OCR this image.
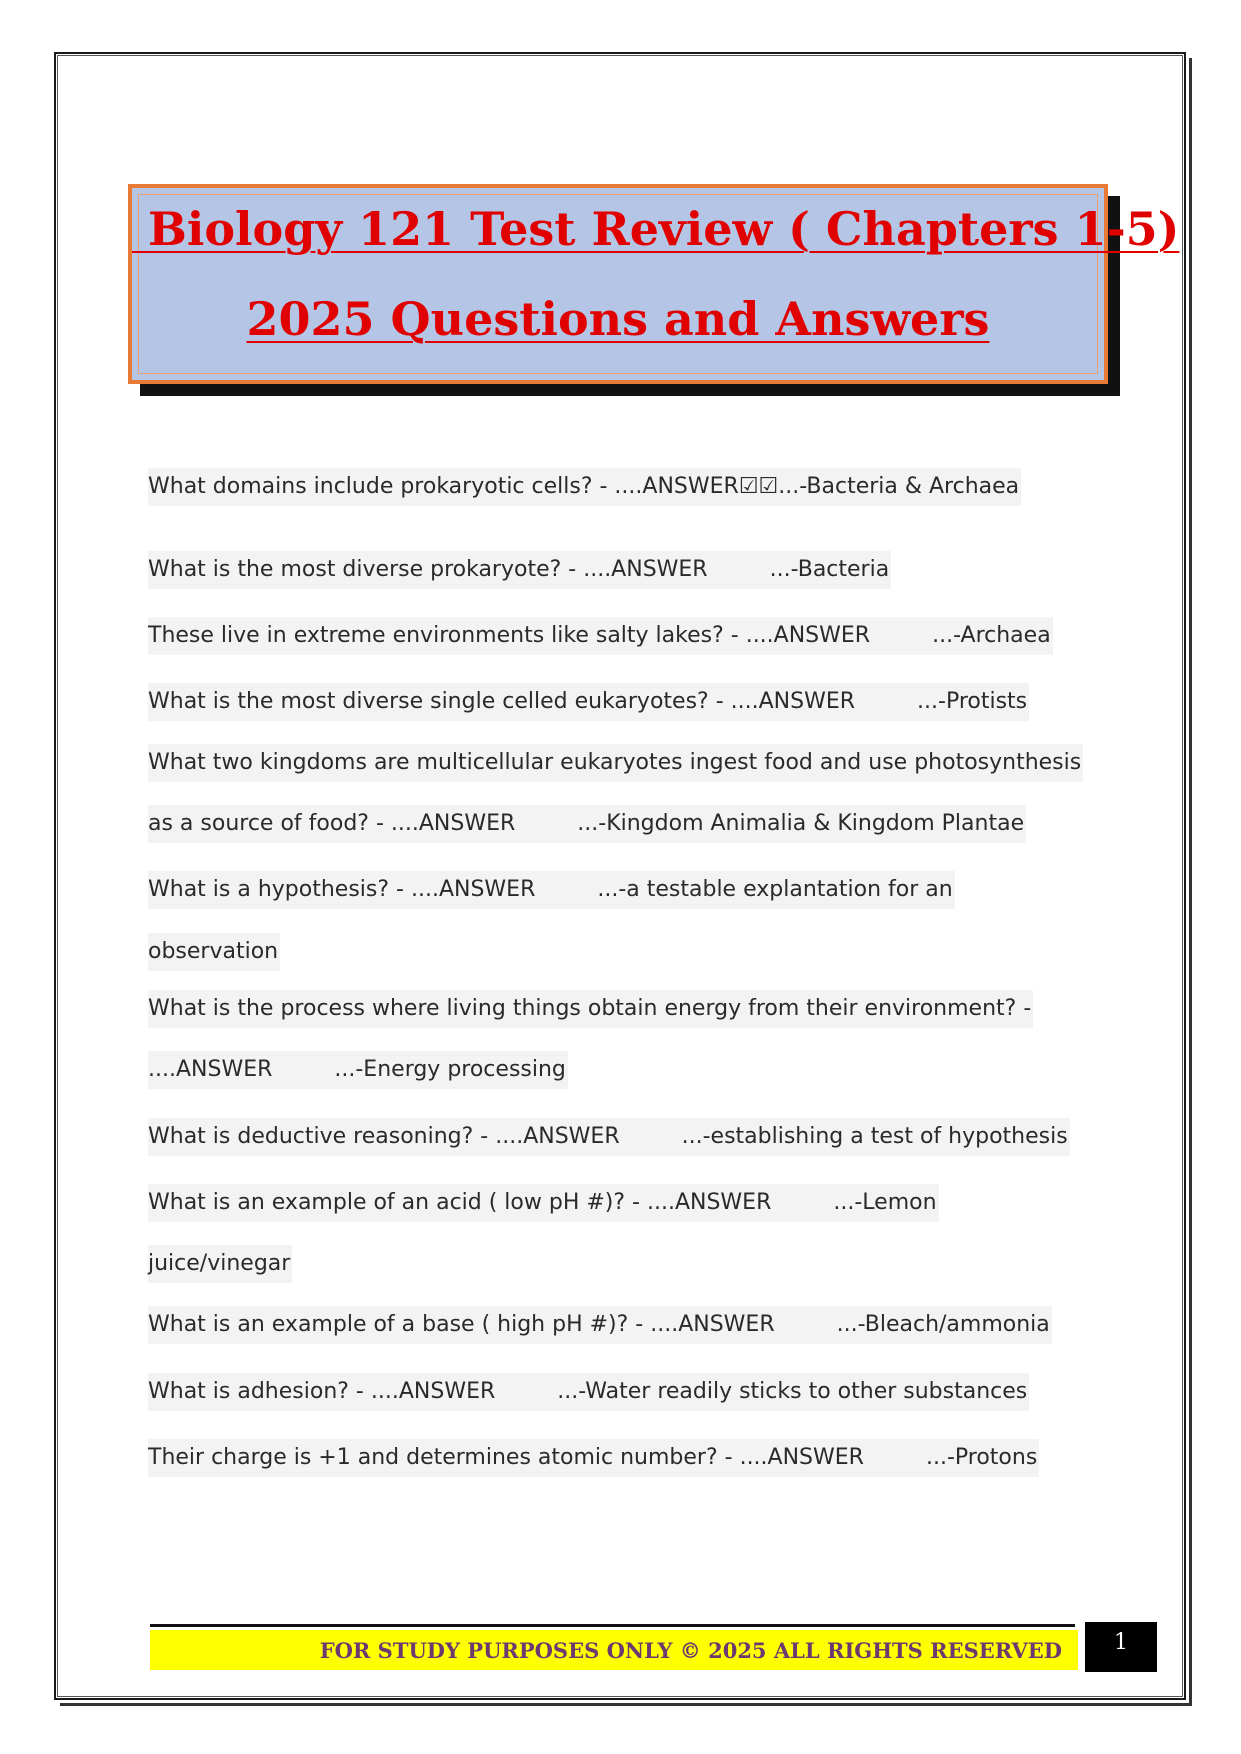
Biology 121 Test Review ( Chapters 1-5)
2025 Questions and Answers
What domains include prokaryotic cells? - ....ANSWER☑☑...-Bacteria & Archaea
What is the most diverse prokaryote? - ....ANSWER	...-Bacteria
These live in extreme environments like salty lakes? - ....ANSWER	...-Archaea
What is the most diverse single celled eukaryotes? - ....ANSWER	...-Protists
What two kingdoms are multicellular eukaryotes ingest food and use photosynthesis
as a source of food? - ....ANSWER	...-Kingdom Animalia & Kingdom Plantae
What is a hypothesis? - ....ANSWER	...-a testable explantation for an
observation
What is the process where living things obtain energy from their environment? -
....ANSWER	...-Energy processing
What is deductive reasoning? - ....ANSWER	...-establishing a test of hypothesis
What is an example of an acid ( low pH #)? - ....ANSWER	...-Lemon
juice/vinegar
What is an example of a base ( high pH #)? - ....ANSWER	...-Bleach/ammonia
What is adhesion? - ....ANSWER	...-Water readily sticks to other substances
Their charge is +1 and determines atomic number? - ....ANSWER	...-Protons
FOR STUDY PURPOSES ONLY © 2025 ALL RIGHTS RESERVED	1
